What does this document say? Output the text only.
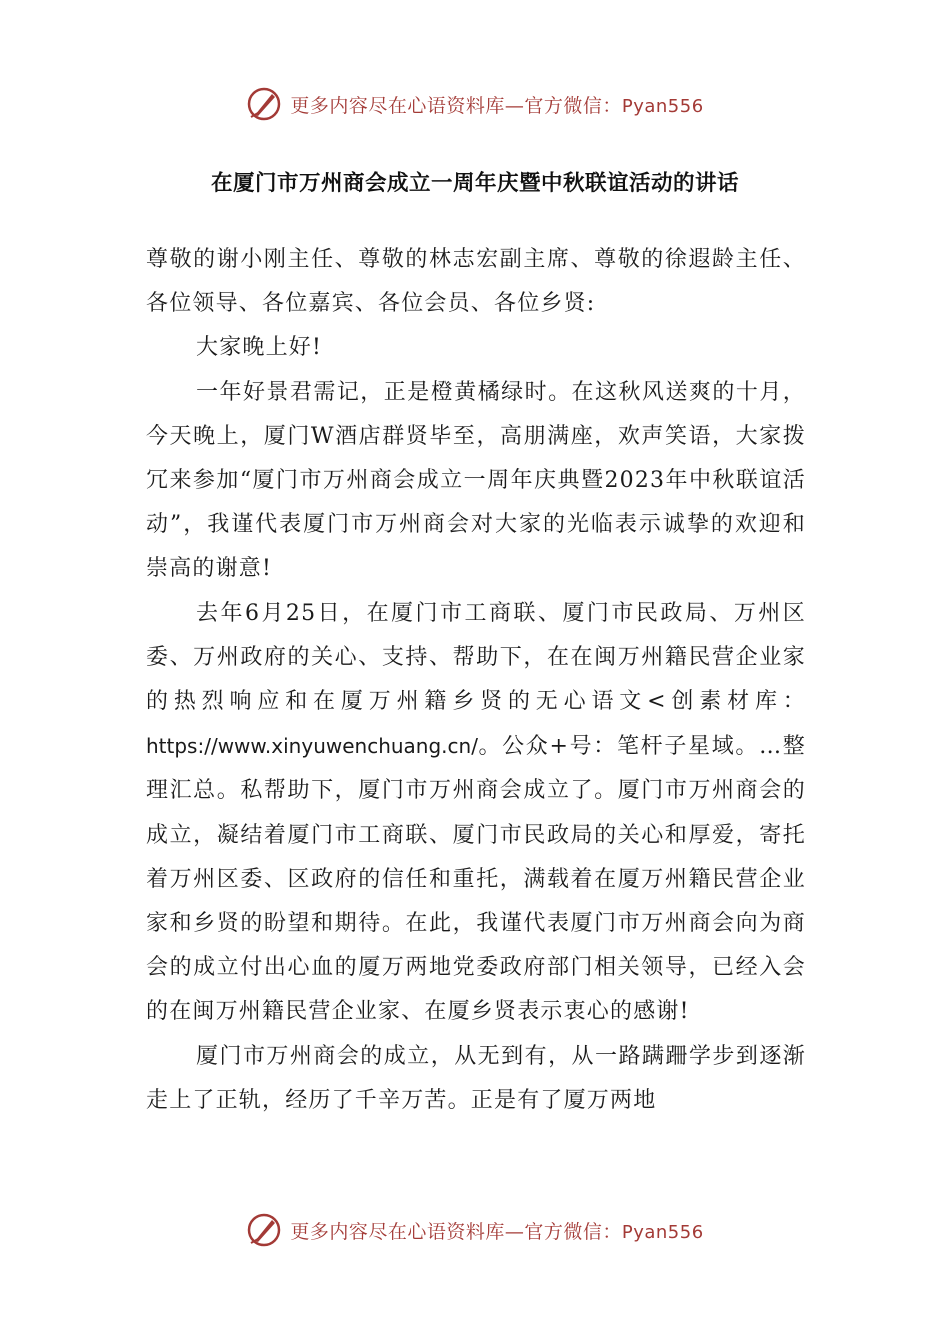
更多内容尽在心语资料库—官方微信：Pyan556
在厦门市万州商会成立一周年庆暨中秋联谊活动的讲话

尊敬的谢小刚主任、尊敬的林志宏副主席、尊敬的徐遐龄主任、各位领导、各位嘉宾、各位会员、各位乡贤:

大家晚上好!

一年好景君需记，正是橙黄橘绿时。在这秋风送爽的十月，今天晚上，厦门W酒店群贤毕至，高朋满座，欢声笑语，大家拨冗来参加“厦门市万州商会成立一周年庆典暨2023年中秋联谊活动”，我谨代表厦门市万州商会对大家的光临表示诚挚的欢迎和崇高的谢意!

去年6月25日，在厦门市工商联、厦门市民政局、万州区委、万州政府的关心、支持、帮助下，在在闽万州籍民营企业家的热烈响应和在厦万州籍乡贤的无心语文<创素材库：https://www.xinyuwenchuang.cn/。公众+号：笔杆子星域。…整理汇总。私帮助下，厦门市万州商会成立了。厦门市万州商会的成立，凝结着厦门市工商联、厦门市民政局的关心和厚爱，寄托着万州区委、区政府的信任和重托，满载着在厦万州籍民营企业家和乡贤的盼望和期待。在此，我谨代表厦门市万州商会向为商会的成立付出心血的厦万两地党委政府部门相关领导，已经入会的在闽万州籍民营企业家、在厦乡贤表示衷心的感谢!

厦门市万州商会的成立，从无到有，从一路蹒跚学步到逐渐走上了正轨，经历了千辛万苦。正是有了厦万两地

更多内容尽在心语资料库—官方微信：Pyan556
